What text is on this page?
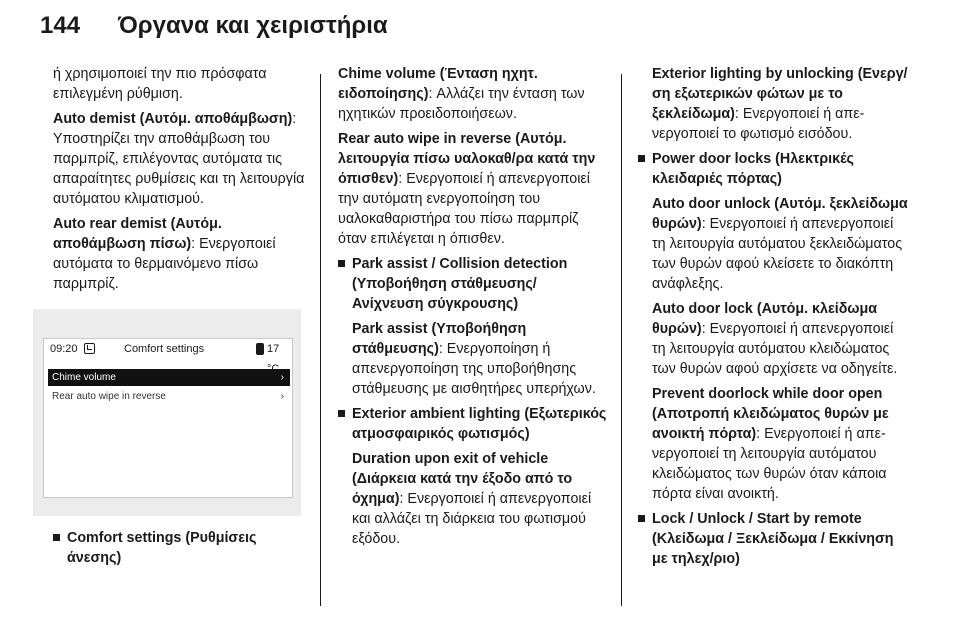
144	Όργανα και χειριστήρια

ή χρησιμοποιεί την πιο πρόσφατα επιλεγμένη ρύθμιση.

Auto demist (Αυτόμ. αποθάμβωση): Υποστηρίζει την αποθάμβωση του παρμπρίζ, επιλέγοντας αυτόματα τις απαραίτητες ρυθμίσεις και τη λειτουργία αυτόματου κλιματισμού.

Auto rear demist (Αυτόμ. αποθάμβωση πίσω): Ενεργοποιεί αυτόματα το θερμαινόμενο πίσω παρμπρίζ.

09:20	Comfort settings	17
Chime volume	›
Rear auto wipe in reverse	›

Comfort settings (Ρυθμίσεις άνεσης)

Chime volume (Ένταση ηχητ. ειδοποίησης): Αλλάζει την ένταση των ηχητικών προειδοποιήσεων.

Rear auto wipe in reverse (Αυτόμ. λειτουργία πίσω υαλοκαθ/ρα κατά την όπισθεν): Ενεργοποιεί ή απενεργοποιεί την αυτόματη ενεργοποίηση του υαλοκαθαριστήρα του πίσω παρμπρίζ όταν επιλέγεται η όπισθεν.

Park assist / Collision detection (Υποβοήθηση στάθμευσης/ Ανίχνευση σύγκρουσης)

Park assist (Υποβοήθηση στάθμευσης): Ενεργοποίηση ή απενεργοποίηση της υποβοήθησης στάθμευσης με αισθητήρες υπερήχων.

Exterior ambient lighting (Εξωτερικός ατμοσφαιρικός φωτισμός)

Duration upon exit of vehicle (Διάρκεια κατά την έξοδο από το όχημα): Ενεργοποιεί ή απενεργοποιεί και αλλάζει τη διάρκεια του φωτισμού εξόδου.

Exterior lighting by unlocking (Ενεργ/ση εξωτερικών φώτων με το ξεκλείδωμα): Ενεργοποιεί ή απενεργοποιεί το φωτισμό εισόδου.

Power door locks (Ηλεκτρικές κλειδαριές πόρτας)

Auto door unlock (Αυτόμ. ξεκλείδωμα θυρών): Ενεργοποιεί ή απενεργοποιεί τη λειτουργία αυτόματου ξεκλειδώματος των θυρών αφού κλείσετε το διακόπτη ανάφλεξης.

Auto door lock (Αυτόμ. κλείδωμα θυρών): Ενεργοποιεί ή απενεργοποιεί τη λειτουργία αυτόματου κλειδώματος των θυρών αφού αρχίσετε να οδηγείτε.

Prevent doorlock while door open (Αποτροπή κλειδώματος θυρών με ανοικτή πόρτα): Ενεργοποιεί ή απενεργοποιεί τη λειτουργία αυτόματου κλειδώματος των θυρών όταν κάποια πόρτα είναι ανοικτή.

Lock / Unlock / Start by remote (Κλείδωμα / Ξεκλείδωμα / Εκκίνηση με τηλεχ/ριο)
